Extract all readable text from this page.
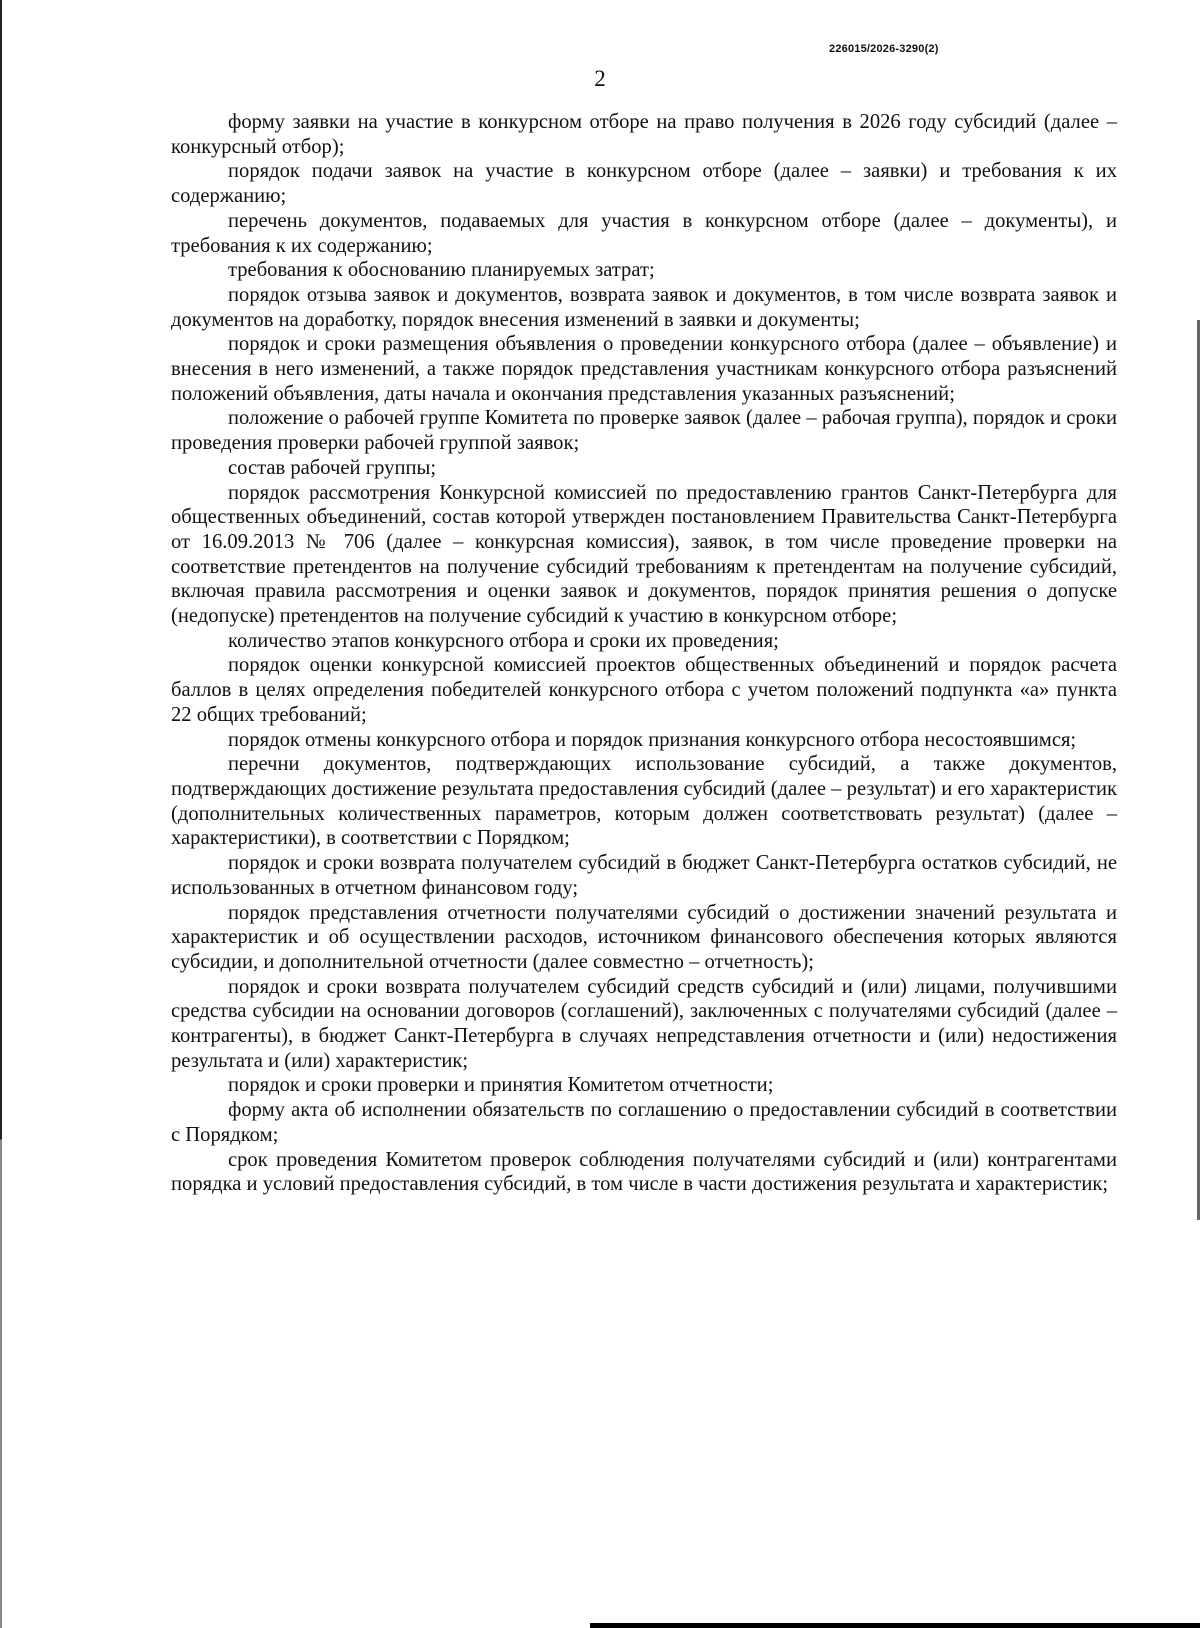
226015/2026-3290(2)
2

форму заявки на участие в конкурсном отборе на право получения в 2026 году субсидий (далее – конкурсный отбор);

порядок подачи заявок на участие в конкурсном отборе (далее – заявки) и требования к их содержанию;

перечень документов, подаваемых для участия в конкурсном отборе (далее – документы), и требования к их содержанию;

требования к обоснованию планируемых затрат;

порядок отзыва заявок и документов, возврата заявок и документов, в том числе возврата заявок и документов на доработку, порядок внесения изменений в заявки и документы;

порядок и сроки размещения объявления о проведении конкурсного отбора (далее – объявление) и внесения в него изменений, а также порядок представления участникам конкурсного отбора разъяснений положений объявления, даты начала и окончания представления указанных разъяснений;

положение о рабочей группе Комитета по проверке заявок (далее – рабочая группа), порядок и сроки проведения проверки рабочей группой заявок;

состав рабочей группы;

порядок рассмотрения Конкурсной комиссией по предоставлению грантов Санкт-Петербурга для общественных объединений, состав которой утвержден постановлением Правительства Санкт-Петербурга от 16.09.2013 № 706 (далее – конкурсная комиссия), заявок, в том числе проведение проверки на соответствие претендентов на получение субсидий требованиям к претендентам на получение субсидий, включая правила рассмотрения и оценки заявок и документов, порядок принятия решения о допуске (недопуске) претендентов на получение субсидий к участию в конкурсном отборе;

количество этапов конкурсного отбора и сроки их проведения;

порядок оценки конкурсной комиссией проектов общественных объединений и порядок расчета баллов в целях определения победителей конкурсного отбора с учетом положений подпункта «а» пункта 22 общих требований;

порядок отмены конкурсного отбора и порядок признания конкурсного отбора несостоявшимся;

перечни документов, подтверждающих использование субсидий, а также документов, подтверждающих достижение результата предоставления субсидий (далее – результат) и его характеристик (дополнительных количественных параметров, которым должен соответствовать результат) (далее – характеристики), в соответствии с Порядком;

порядок и сроки возврата получателем субсидий в бюджет Санкт-Петербурга остатков субсидий, не использованных в отчетном финансовом году;

порядок представления отчетности получателями субсидий о достижении значений результата и характеристик и об осуществлении расходов, источником финансового обеспечения которых являются субсидии, и дополнительной отчетности (далее совместно – отчетность);

порядок и сроки возврата получателем субсидий средств субсидий и (или) лицами, получившими средства субсидии на основании договоров (соглашений), заключенных с получателями субсидий (далее – контрагенты), в бюджет Санкт-Петербурга в случаях непредставления отчетности и (или) недостижения результата и (или) характеристик;

порядок и сроки проверки и принятия Комитетом отчетности;

форму акта об исполнении обязательств по соглашению о предоставлении субсидий в соответствии с Порядком;

срок проведения Комитетом проверок соблюдения получателями субсидий и (или) контрагентами порядка и условий предоставления субсидий, в том числе в части достижения результата и характеристик;
